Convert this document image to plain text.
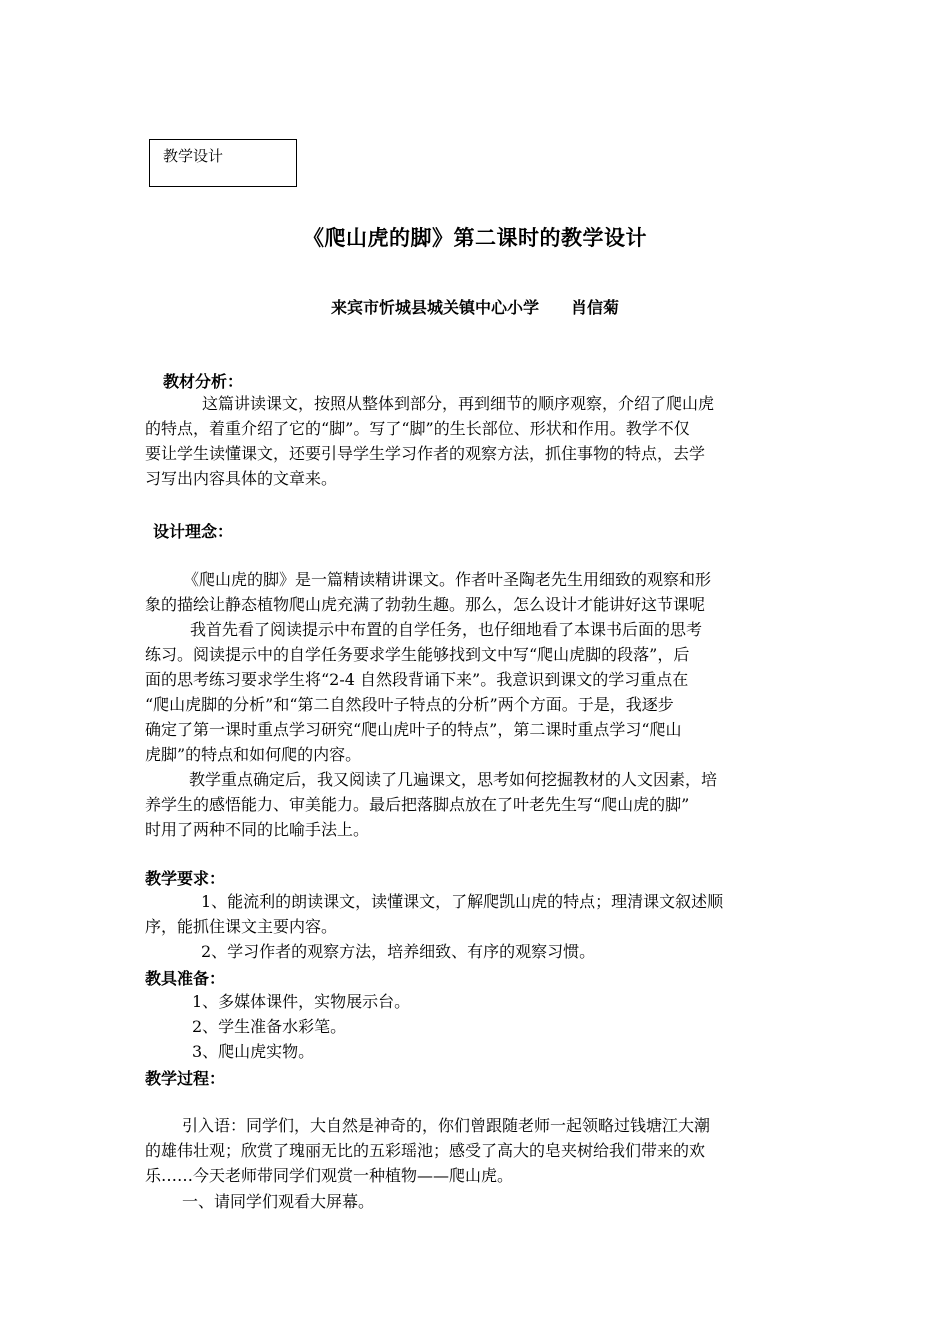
教学设计
《爬山虎的脚》第二课时的教学设计
来宾市忻城县城关镇中心小学　　肖信菊
教材分析：
这篇讲读课文，按照从整体到部分，再到细节的顺序观察，介绍了爬山虎
的特点，着重介绍了它的“脚”。写了“脚”的生长部位、形状和作用。教学不仅
要让学生读懂课文，还要引导学生学习作者的观察方法，抓住事物的特点，去学
习写出内容具体的文章来。
设计理念：
《爬山虎的脚》是一篇精读精讲课文。作者叶圣陶老先生用细致的观察和形
象的描绘让静态植物爬山虎充满了勃勃生趣。那么，怎么设计才能讲好这节课呢
我首先看了阅读提示中布置的自学任务，也仔细地看了本课书后面的思考
练习。阅读提示中的自学任务要求学生能够找到文中写“爬山虎脚的段落”，后
面的思考练习要求学生将“2-4 自然段背诵下来”。我意识到课文的学习重点在
“爬山虎脚的分析”和“第二自然段叶子特点的分析”两个方面。于是，我逐步
确定了第一课时重点学习研究“爬山虎叶子的特点”，第二课时重点学习“爬山
虎脚”的特点和如何爬的内容。
教学重点确定后，我又阅读了几遍课文，思考如何挖掘教材的人文因素，培
养学生的感悟能力、审美能力。最后把落脚点放在了叶老先生写“爬山虎的脚”
时用了两种不同的比喻手法上。
教学要求：
1、能流利的朗读课文，读懂课文，了解爬凯山虎的特点；理清课文叙述顺
序，能抓住课文主要内容。
2、学习作者的观察方法，培养细致、有序的观察习惯。
教具准备：
1、多媒体课件，实物展示台。
2、学生准备水彩笔。
3、爬山虎实物。
教学过程：
引入语：同学们，大自然是神奇的，你们曾跟随老师一起领略过钱塘江大潮
的雄伟壮观；欣赏了瑰丽无比的五彩瑶池；感受了高大的皂夹树给我们带来的欢
乐……今天老师带同学们观赏一种植物——爬山虎。
一、请同学们观看大屏幕。
